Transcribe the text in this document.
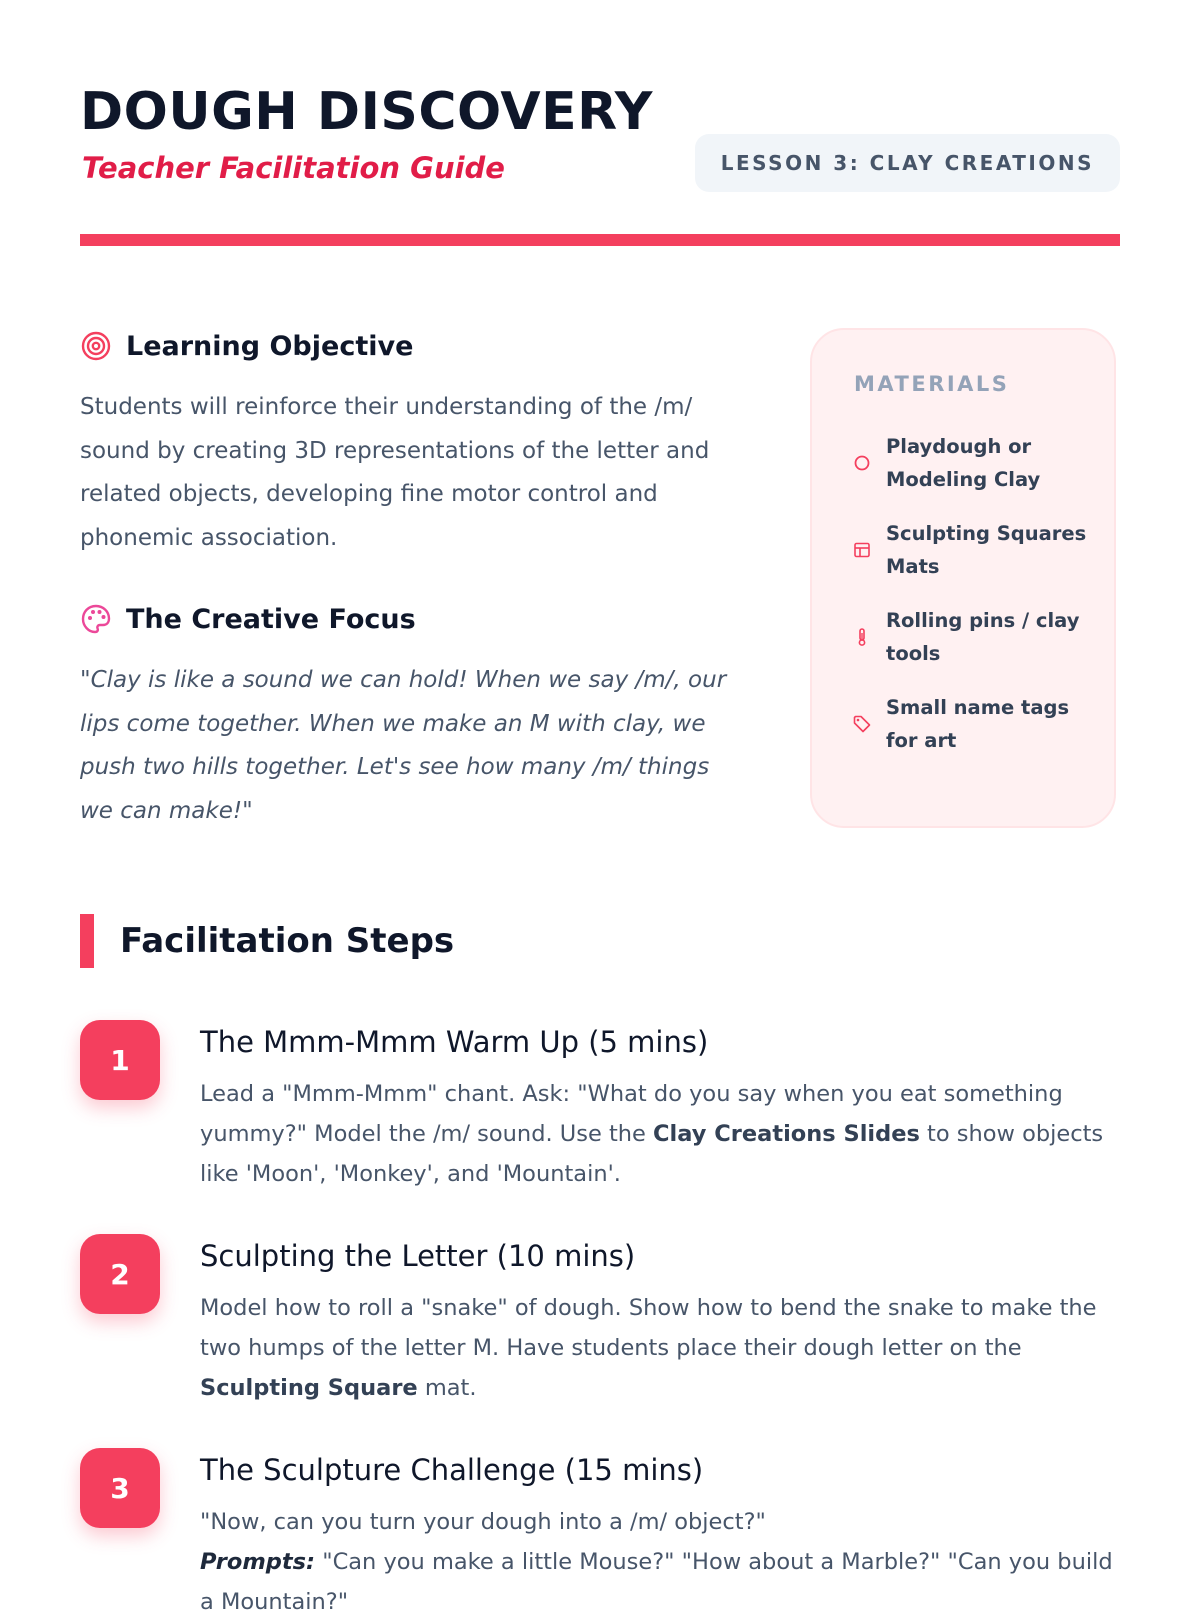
DOUGH DISCOVERY
Teacher Facilitation Guide	LESSON 3: CLAY CREATIONS
Learning Objective

Students will reinforce their understanding of the /m/ sound by creating 3D representations of the letter and related objects, developing fine motor control and phonemic association.

The Creative Focus

"Clay is like a sound we can hold! When we say /m/, our lips come together. When we make an M with clay, we push two hills together. Let's see how many /m/ things we can make!"

MATERIALS
Playdough or Modeling Clay
Sculpting Squares Mats
Rolling pins / clay tools
Small name tags for art
Facilitation Steps
1
The Mmm-Mmm Warm Up (5 mins)
Lead a "Mmm-Mmm" chant. Ask: "What do you say when you eat something yummy?" Model the /m/ sound. Use the Clay Creations Slides to show objects like 'Moon', 'Monkey', and 'Mountain'.
2
Sculpting the Letter (10 mins)
Model how to roll a "snake" of dough. Show how to bend the snake to make the two humps of the letter M. Have students place their dough letter on the Sculpting Square mat.
3
The Sculpture Challenge (15 mins)
"Now, can you turn your dough into a /m/ object?"
Prompts: "Can you make a little Mouse?" "How about a Marble?" "Can you build a Mountain?"
